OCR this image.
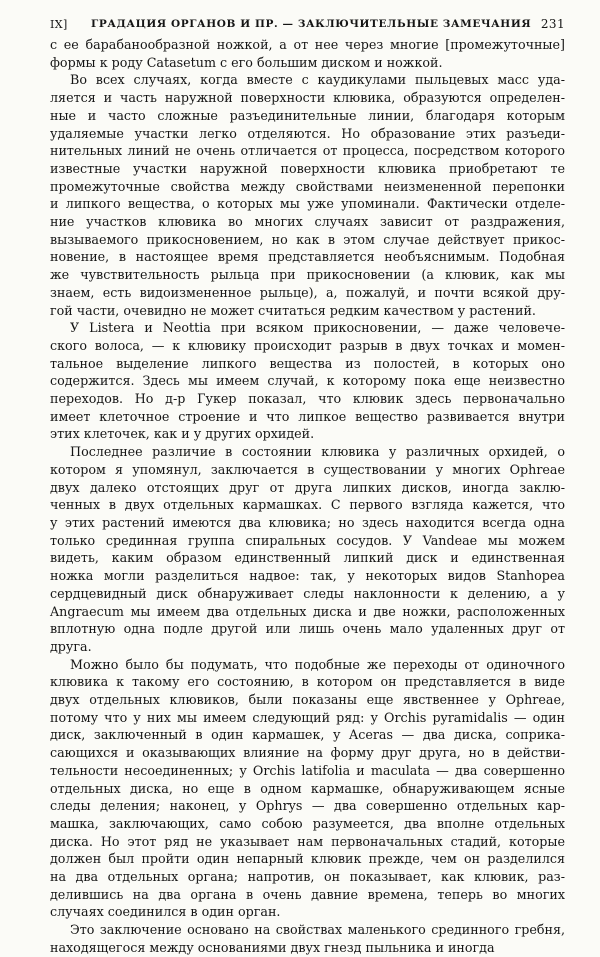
IX] ГРАДАЦИЯ ОРГАНОВ И ПР. — ЗАКЛЮЧИТЕЛЬНЫЕ ЗАМЕЧАНИЯ 231

с ее барабанообразной ножкой, а от нее через многие [промежуточные]
формы к роду Catasetum с его большим диском и ножкой.

Во всех случаях, когда вместе с каудикулами пыльцевых масс уда-
ляется и часть наружной поверхности клювика, образуются определен-
ные и часто сложные разъединительные линии, благодаря которым
удаляемые участки легко отделяются. Но образование этих разъеди-
нительных линий не очень отличается от процесса, посредством которого
известные участки наружной поверхности клювика приобретают те
промежуточные свойства между свойствами неизмененной перепонки
и липкого вещества, о которых мы уже упоминали. Фактически отделе-
ние участков клювика во многих случаях зависит от раздражения,
вызываемого прикосновением, но как в этом случае действует прикос-
новение, в настоящее время представляется необъяснимым. Подобная
же чувствительность рыльца при прикосновении (а клювик, как мы
знаем, есть видоизмененное рыльце), а, пожалуй, и почти всякой дру-
гой части, очевидно не может считаться редким качеством у растений.

У Listera и Neottia при всяком прикосновении, — даже человече-
ского волоса, — к клювику происходит разрыв в двух точках и момен-
тальное выделение липкого вещества из полостей, в которых оно
содержится. Здесь мы имеем случай, к которому пока еще неизвестно
переходов. Но д-р Гукер показал, что клювик здесь первоначально
имеет клеточное строение и что липкое вещество развивается внутри
этих клеточек, как и у других орхидей.

Последнее различие в состоянии клювика у различных орхидей, о
котором я упомянул, заключается в существовании у многих Ophreae
двух далеко отстоящих друг от друга липких дисков, иногда заклю-
ченных в двух отдельных кармашках. С первого взгляда кажется, что
у этих растений имеются два клювика; но здесь находится всегда одна
только срединная группа спиральных сосудов. У Vandeae мы можем
видеть, каким образом единственный липкий диск и единственная
ножка могли разделиться надвое: так, у некоторых видов Stanhopea
сердцевидный диск обнаруживает следы наклонности к делению, а у
Angraecum мы имеем два отдельных диска и две ножки, расположенных
вплотную одна подле другой или лишь очень мало удаленных друг от
друга.

Можно было бы подумать, что подобные же переходы от одиночного
клювика к такому его состоянию, в котором он представляется в виде
двух отдельных клювиков, были показаны еще явственнее у Ophreae,
потому что у них мы имеем следующий ряд: у Orchis pyramidalis — один
диск, заключенный в один кармашек, у Aceras — два диска, соприка-
сающихся и оказывающих влияние на форму друг друга, но в действи-
тельности несоединенных; у Orchis latifolia и maculata — два совершенно
отдельных диска, но еще в одном кармашке, обнаруживающем ясные
следы деления; наконец, у Ophrys — два совершенно отдельных кар-
машка, заключающих, само собою разумеется, два вполне отдельных
диска. Но этот ряд не указывает нам первоначальных стадий, которые
должен был пройти один непарный клювик прежде, чем он разделился
на два отдельных органа; напротив, он показывает, как клювик, раз-
делившись на два органа в очень давние времена, теперь во многих
случаях соединился в один орган.

Это заключение основано на свойствах маленького срединного гребня,
находящегося между основаниями двух гнезд пыльника и иногда
